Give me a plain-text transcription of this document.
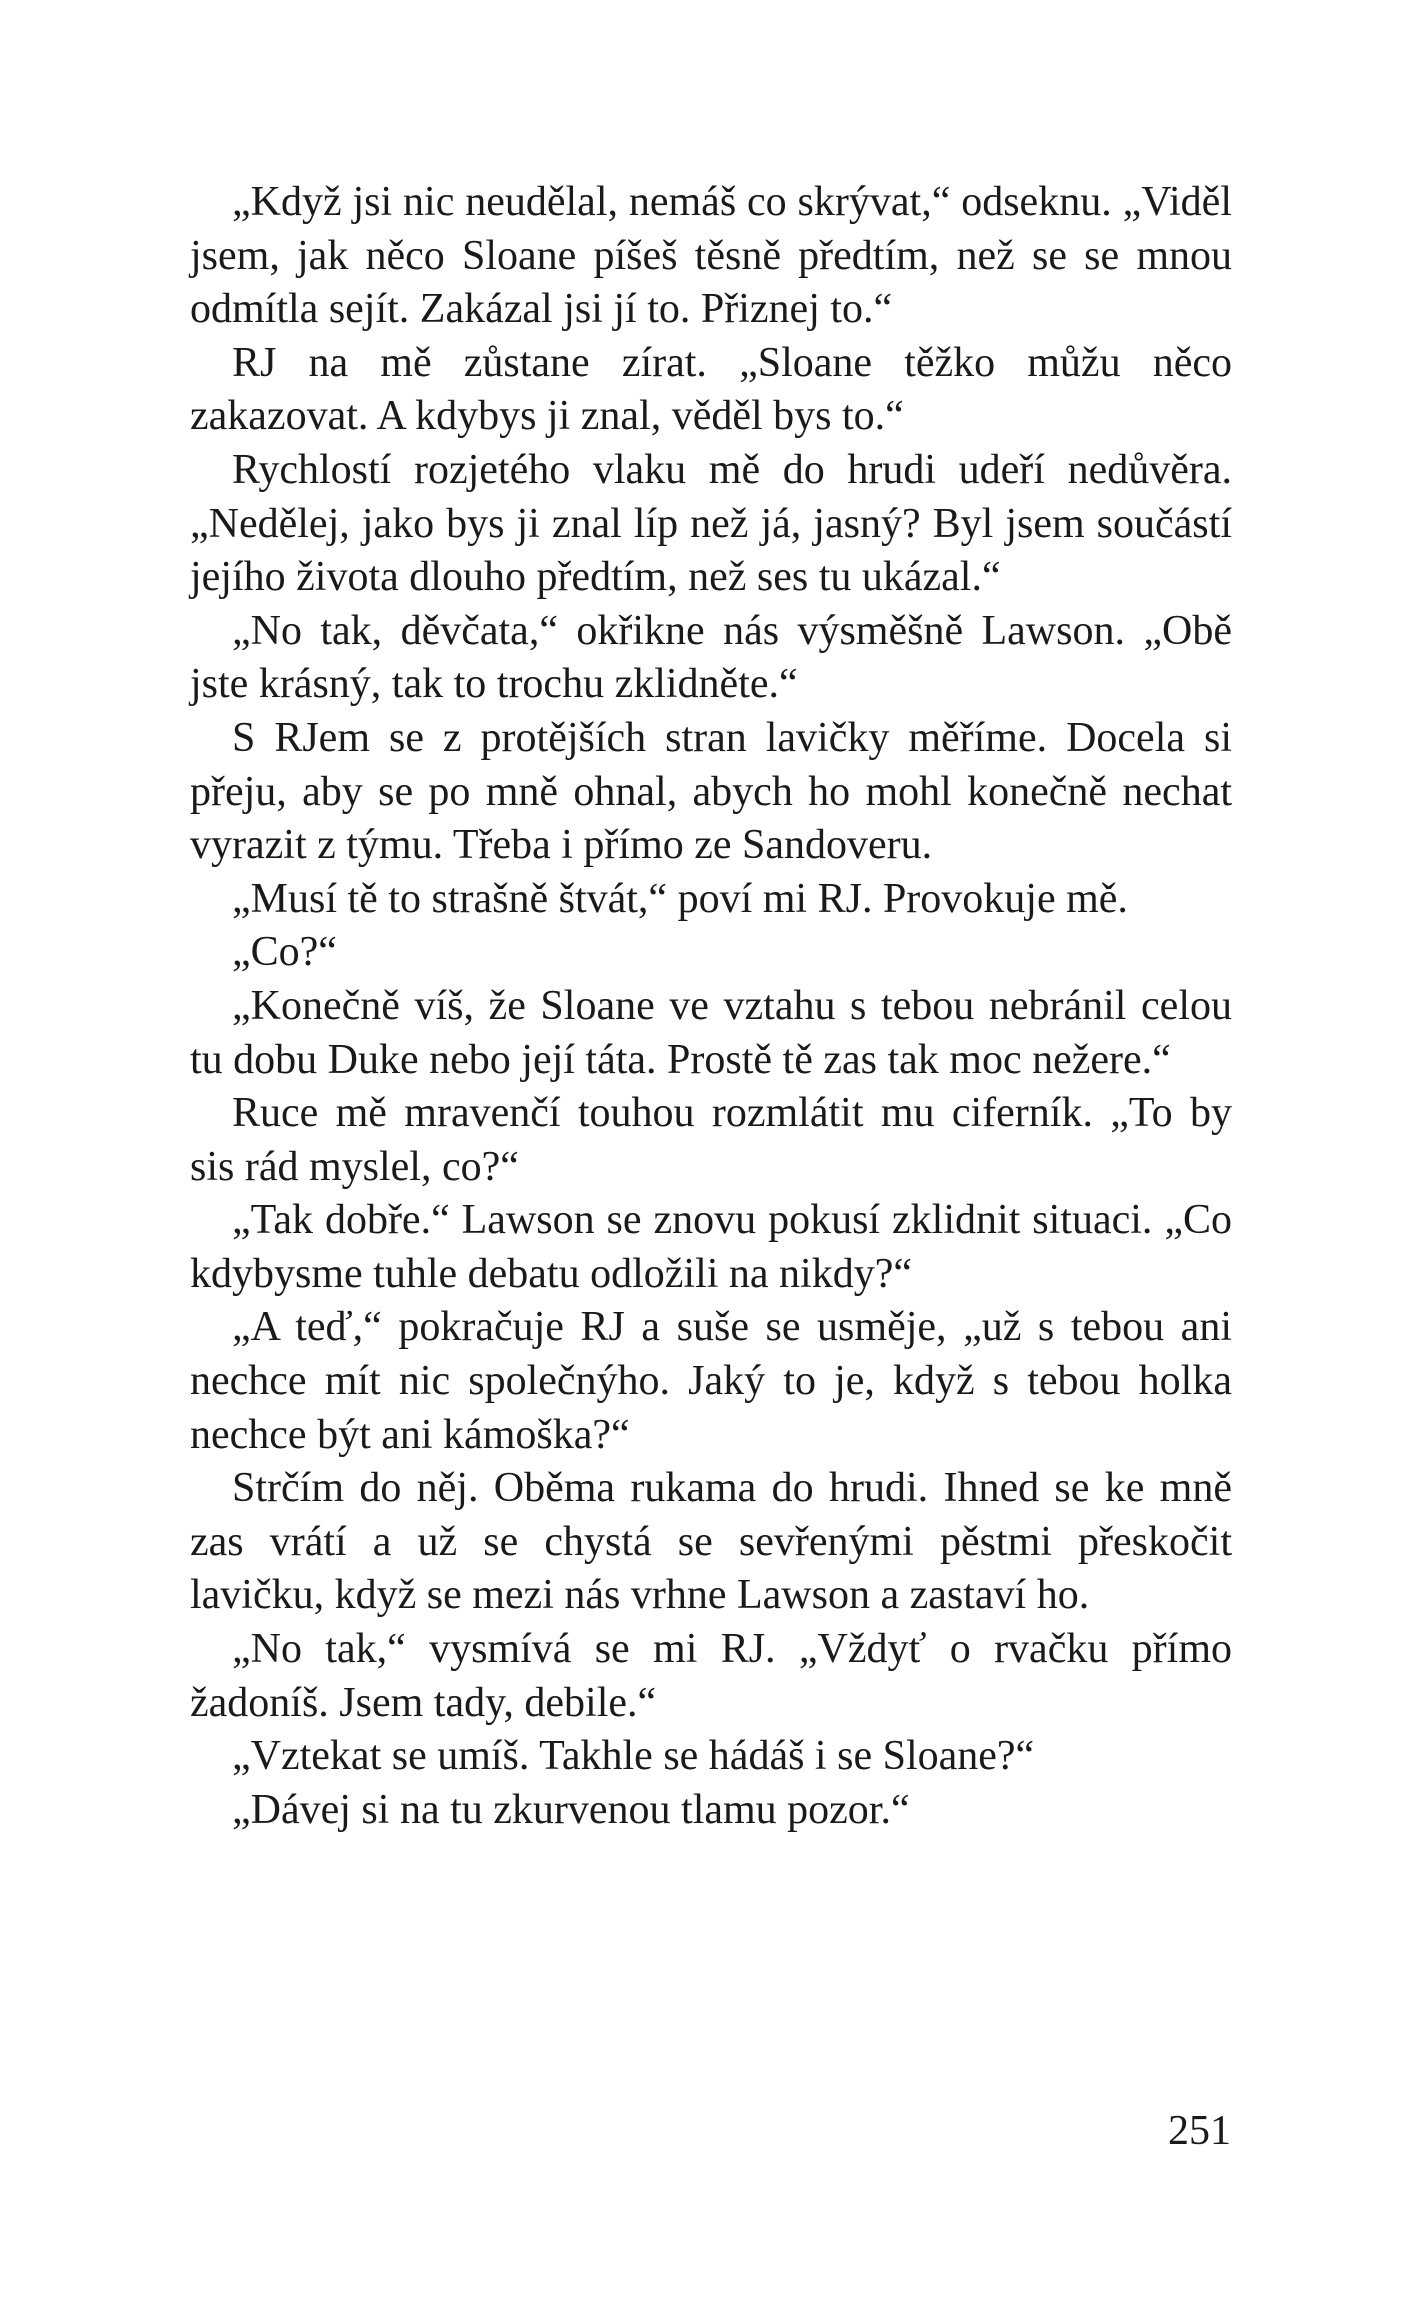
„Když jsi nic neudělal, nemáš co skrývat,“ odseknu. „Viděl jsem, jak něco Sloane píšeš těsně předtím, než se se mnou odmítla sejít. Zakázal jsi jí to. Přiznej to.“

RJ na mě zůstane zírat. „Sloane těžko můžu něco zakazovat. A kdybys ji znal, věděl bys to.“

Rychlostí rozjetého vlaku mě do hrudi udeří nedůvěra. „Nedělej, jako bys ji znal líp než já, jasný? Byl jsem součástí jejího života dlouho předtím, než ses tu ukázal.“

„No tak, děvčata,“ okřikne nás výsměšně Lawson. „Obě jste krásný, tak to trochu zklidněte.“

S RJem se z protějších stran lavičky měříme. Docela si přeju, aby se po mně ohnal, abych ho mohl konečně nechat vyrazit z týmu. Třeba i přímo ze Sandoveru.

„Musí tě to strašně štvát,“ poví mi RJ. Provokuje mě.

„Co?“

„Konečně víš, že Sloane ve vztahu s tebou nebránil celou tu dobu Duke nebo její táta. Prostě tě zas tak moc nežere.“

Ruce mě mravenčí touhou rozmlátit mu ciferník. „To by sis rád myslel, co?“

„Tak dobře.“ Lawson se znovu pokusí zklidnit situaci. „Co kdybysme tuhle debatu odložili na nikdy?“

„A teď,“ pokračuje RJ a suše se usměje, „už s tebou ani nechce mít nic společnýho. Jaký to je, když s tebou holka nechce být ani kámoška?“

Strčím do něj. Oběma rukama do hrudi. Ihned se ke mně zas vrátí a už se chystá se sevřenými pěstmi přeskočit lavičku, když se mezi nás vrhne Lawson a zastaví ho.

„No tak,“ vysmívá se mi RJ. „Vždyť o rvačku přímo žadoníš. Jsem tady, debile.“

„Vztekat se umíš. Takhle se hádáš i se Sloane?“

„Dávej si na tu zkurvenou tlamu pozor.“

251
